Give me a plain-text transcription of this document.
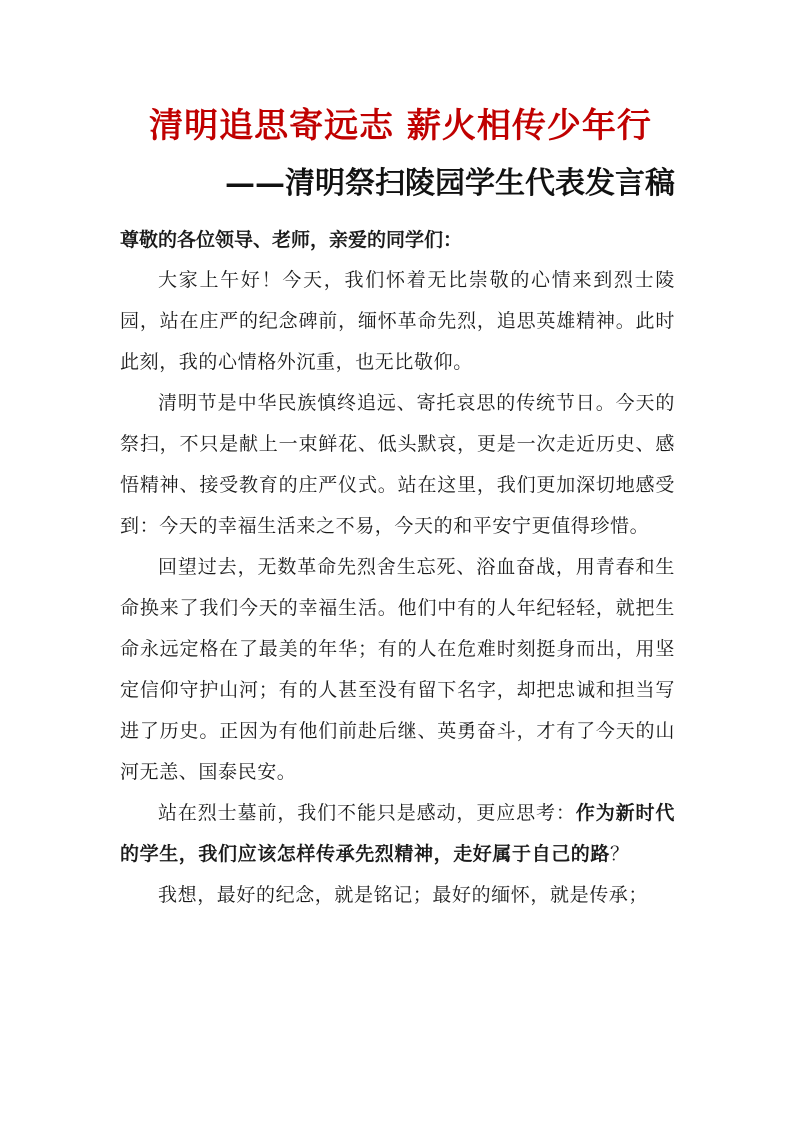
清明追思寄远志 薪火相传少年行
——清明祭扫陵园学生代表发言稿

尊敬的各位领导、老师，亲爱的同学们：

大家上午好！今天，我们怀着无比崇敬的心情来到烈士陵园，站在庄严的纪念碑前，缅怀革命先烈，追思英雄精神。此时此刻，我的心情格外沉重，也无比敬仰。

清明节是中华民族慎终追远、寄托哀思的传统节日。今天的祭扫，不只是献上一束鲜花、低头默哀，更是一次走近历史、感悟精神、接受教育的庄严仪式。站在这里，我们更加深切地感受到：今天的幸福生活来之不易，今天的和平安宁更值得珍惜。

回望过去，无数革命先烈舍生忘死、浴血奋战，用青春和生命换来了我们今天的幸福生活。他们中有的人年纪轻轻，就把生命永远定格在了最美的年华；有的人在危难时刻挺身而出，用坚定信仰守护山河；有的人甚至没有留下名字，却把忠诚和担当写进了历史。正因为有他们前赴后继、英勇奋斗，才有了今天的山河无恙、国泰民安。

站在烈士墓前，我们不能只是感动，更应思考：作为新时代的学生，我们应该怎样传承先烈精神，走好属于自己的路？

我想，最好的纪念，就是铭记；最好的缅怀，就是传承；
